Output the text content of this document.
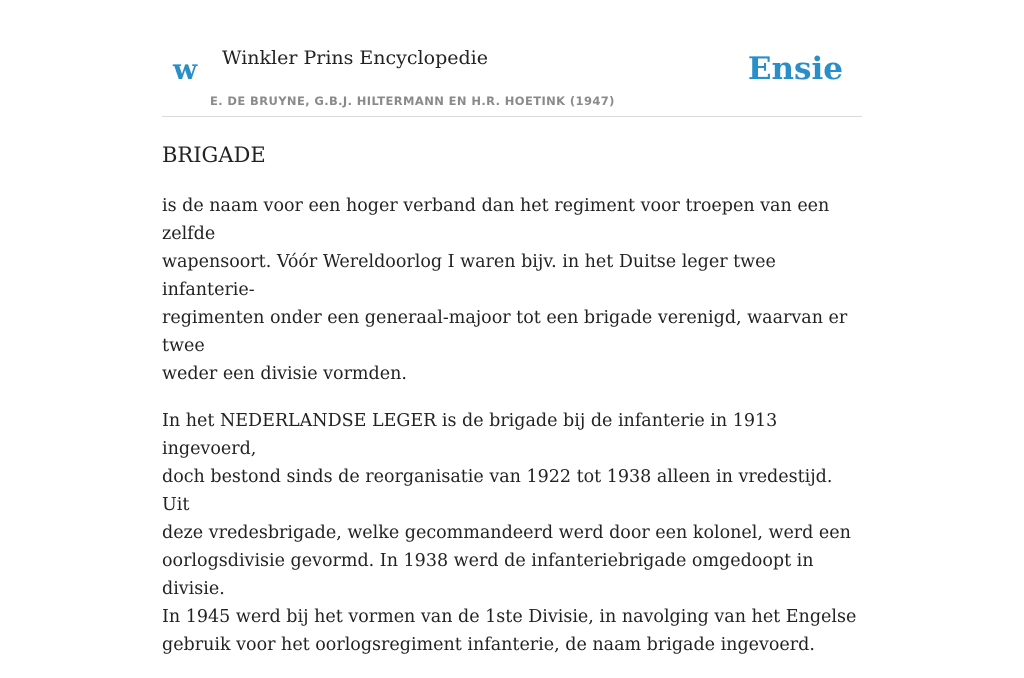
w Winkler Prins Encyclopedie
E. DE BRUYNE, G.B.J. HILTERMANN EN H.R. HOETINK (1947)
Ensie
BRIGADE

is de naam voor een hoger verband dan het regiment voor troepen van een zelfde
wapensoort. Vóór Wereldoorlog I waren bijv. in het Duitse leger twee infanterie-
regimenten onder een generaal-majoor tot een brigade verenigd, waarvan er twee
weder een divisie vormden.

In het NEDERLANDSE LEGER is de brigade bij de infanterie in 1913 ingevoerd,
doch bestond sinds de reorganisatie van 1922 tot 1938 alleen in vredestijd. Uit
deze vredesbrigade, welke gecommandeerd werd door een kolonel, werd een
oorlogsdivisie gevormd. In 1938 werd de infanteriebrigade omgedoopt in divisie.
In 1945 werd bij het vormen van de 1ste Divisie, in navolging van het Engelse
gebruik voor het oorlogsregiment infanterie, de naam brigade ingevoerd.
